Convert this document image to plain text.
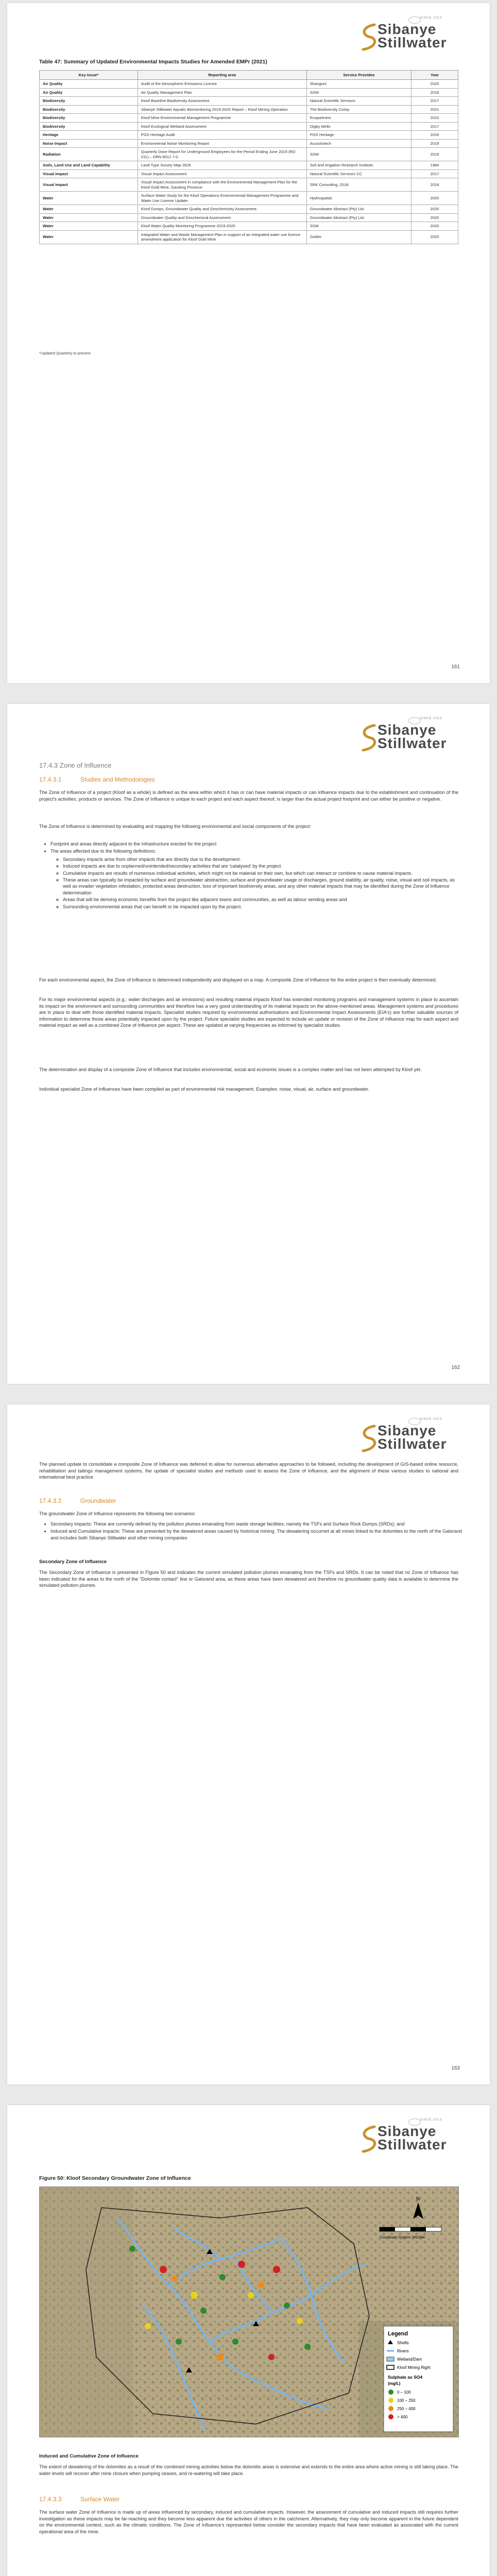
SINCE 2013
Sibanye
Stillwater
Table 47: Summary of Updated Environmental Impacts Studies for Amended EMPr (2021)
Key Issue*	Reporting area	Service Providee	Year
Air Quality	Audit of the Atmospheric Emissions License	Shangoni	2020
Air Quality	Air Quality Management Plan	SSW	2016
Biodiversity	Kloof Baseline Biodiversity Assessment	Natural Scientific Services	2017
Biodiversity	Sibanye Stillwater Aquatic Biomonitoring 2019-2020 Report – Kloof Mining Operation	The Biodiversity Comp	2021
Biodiversity	Kloof Mine Environmental Management Programme	Ecopartners	2010
Biodiversity	Kloof Ecological Wetland Assessment	Digby Wells	2017
Heritage	PGS Heritage Audit	PGS Heritage	2016
Noise Impact	Environmental Noise Monitoring Report	Acusolutech	2019
Radiation	Quarterly Dose Report for Underground Employees for the Period Ending June 2019 (RD 011) – DRN 8012 7-0.	SSW	2019
Soils, Land Use and Land Capability	Land Type Survey Map 2626	Soil and Irrigation Research Institute.	1984
Visual Impact	Visual Impact Assessment	Natural Scientific Services CC	2017
Visual Impact	Visual Impact Assessment in compliance with the Environmental Management Plan for the Kloof Gold Mine, Gauteng Province	SRK Consulting, 2018.	2018
Water	Surface Water Study for the Kloof Operations Environmental Management Programme and Water Use License Update.	Hydrospatial.	2020
Water	Kloof Dumps, Groundwater Quality and Geochemistry Assessment.	Groundwater Abstract (Pty) Ltd.	2020
Water	Groundwater Quality and Geochemical Assessment.	Groundwater Abstract (Pty) Ltd.	2020
Water	Kloof Water Quality Monitoring Programme 2019-2020	SSW	2020
Water	Integrated Water and Waste Management Plan in support of an integrated water use licence amendment application for Kloof Gold Mine	Golder	2020
*Updated Quarterly to present
161
SINCE 2013
Sibanye
Stillwater
17.4.3 Zone of Influence
17.4.3.1	Studies and Methodologies

The Zone of Influence of a project (Kloof as a whole) is defined as the area within which it has or can have material impacts or can influence impacts due to the establishment and continuation of the project's activities, products or services. The Zone of Influence is unique to each project and each aspect thereof, is larger than the actual project footprint and can either be positive or negative.

The Zone of Influence is determined by evaluating and mapping the following environmental and social components of the project:

• Footprint and areas directly adjacent to the infrastructure erected for the project
• The areas affected due to the following definitions:
◦ Secondary impacts arise from other impacts that are directly due to the development.
◦ Induced impacts are due to unplanned/unintended/secondary activities that are 'catalysed' by the project.
◦ Cumulative impacts are results of numerous individual activities, which might not be material on their own, but which can interact or combine to cause material impacts.
◦ These areas can typically be impacted by surface and groundwater abstraction, surface and groundwater usage or discharges, ground stability, air quality, noise, visual and soil impacts, as well as invader vegetation infestation, protected areas destruction, loss of important biodiversity areas, and any other material impacts that may be identified during the Zone of Influence determination
◦ Areas that will be deriving economic benefits from the project like adjacent towns and communities, as well as labour sending areas and
◦ Surrounding environmental areas that can benefit or be impacted upon by the project.

For each environmental aspect, the Zone of Influence is determined independently and displayed on a map. A composite Zone of Influence for the entire project is then eventually determined.

For its major environmental aspects (e.g.: water discharges and air emissions) and resulting material impacts Kloof has extended monitoring programs and management systems in place to ascertain its impact on the environment and surrounding communities and therefore has a very good understanding of its material impacts on the above-mentioned areas. Management systems and procedures are in place to deal with those identified material impacts. Specialist studies required by environmental authorisations and Environmental Impact Assessments (EIA's) are further valuable sources of information to determine those areas potentially impacted upon by the project. Future specialist studies are expected to include an update or revision of the Zone of Influence map for each aspect and material impact as well as a combined Zone of Influence per aspect. These are updated at varying frequencies as informed by specialist studies.

The determination and display of a composite Zone of Influence that includes environmental, social and economic issues is a complex matter and has not been attempted by Kloof yet.

Individual specialist Zone of Influences have been compiled as part of environmental risk management. Examples: noise, visual, air, surface and groundwater.

162
SINCE 2013
Sibanye
Stillwater

The planned update to consolidate a composite Zone of Influence was deferred to allow for numerous alternative approaches to be followed, including the development of GIS-based online resource, rehabilitation and tailings management systems, the update of specialist studies and methods used to assess the Zone of Influence, and the alignment of these various studies to national and international best practice.

17.4.3.2	Groundwater

The groundwater Zone of Influence represents the following two scenarios:

• Secondary impacts: These are currently defined by the pollution plumes emanating from waste storage facilities, namely the TSFs and Surface Rock Dumps (SRDs); and
• Induced and Cumulative impacts: These are presented by the dewatered areas caused by historical mining. The dewatering occurred at all mines linked to the dolomites to the north of the Gatsrand and includes both Sibanye Stillwater and other mining companies
Secondary Zone of Influence

The Secondary Zone of Influence is presented in Figure 50 and indicates the current simulated pollution plumes emanating from the TSFs and SRDs. It can be noted that no Zone of Influence has been indicated for the areas to the north of the "Dolomite contact" line or Gatsrand area, as these areas have been dewatered and therefore no groundwater quality data is available to determine the simulated pollution plumes.

163
SINCE 2013
Sibanye
Stillwater
Figure 50: Kloof Secondary Groundwater Zone of Influence
N
Coordinate System: WGS84
Legend
Shafts
Rivers
Wetland/Dam
Kloof Mining Right
Sulphate as SO4
(mg/L)
0 – 100
100 – 250
250 – 400
> 400
Induced and Cumulative Zone of Influence

The extent of dewatering of the dolomites as a result of the combined mining activities below the dolomitic areas is extensive and extends to the entire area where active mining is still taking place. The water levels will recover after mine closure when pumping ceases, and re-watering will take place.

17.4.3.3	Surface Water

The surface water Zone of Influence is made up of areas influenced by secondary, induced and cumulative impacts. However, the assessment of cumulative and induced impacts still requires further investigation as these impacts may be far-reaching and they become less apparent due the activities of others in the catchment. Alternatively, they may only become apparent in the future dependent on the environmental context, such as the climatic conditions. The Zone of Influence's represented below consider the secondary impacts that have been evaluated as associated with the current operational area of the mine.
